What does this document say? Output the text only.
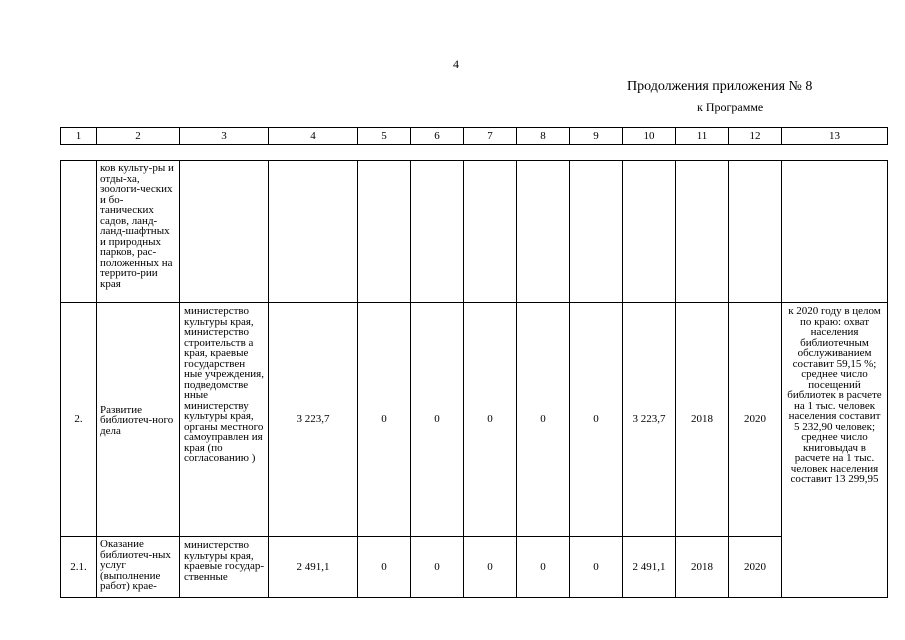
4
Продолжения приложения № 8
к Программе
1	2	3	4	5	6	7	8	9	10	11	12	13
	ков культу-ры и отды-ха, зоологи-ческих и бо-танических садов, ланд-ланд-шафтных и природных парков, рас-положенных на террито-рии края											
2.	Развитие библиотеч-ного дела	министерство культуры края, министерство строительств а края, краевые государствен ные учреждения, подведомстве нные министерству культуры края, органы местного самоуправлен ия края (по согласованию )	3 223,7	0	0	0	0	0	3 223,7	2018	2020	к 2020 году в целом по краю: охват населения библиотечным обслуживанием составит 59,15 %; среднее число посещений библиотек в расчете на 1 тыс. человек населения составит 5 232,90 человек; среднее число книговыдач в расчете на 1 тыс. человек населения составит 13 299,95
2.1.	Оказание библиотеч-ных услуг (выполнение работ) крае-	министерство культуры края, краевые государ-ственные	2 491,1	0	0	0	0	0	2 491,1	2018	2020	
